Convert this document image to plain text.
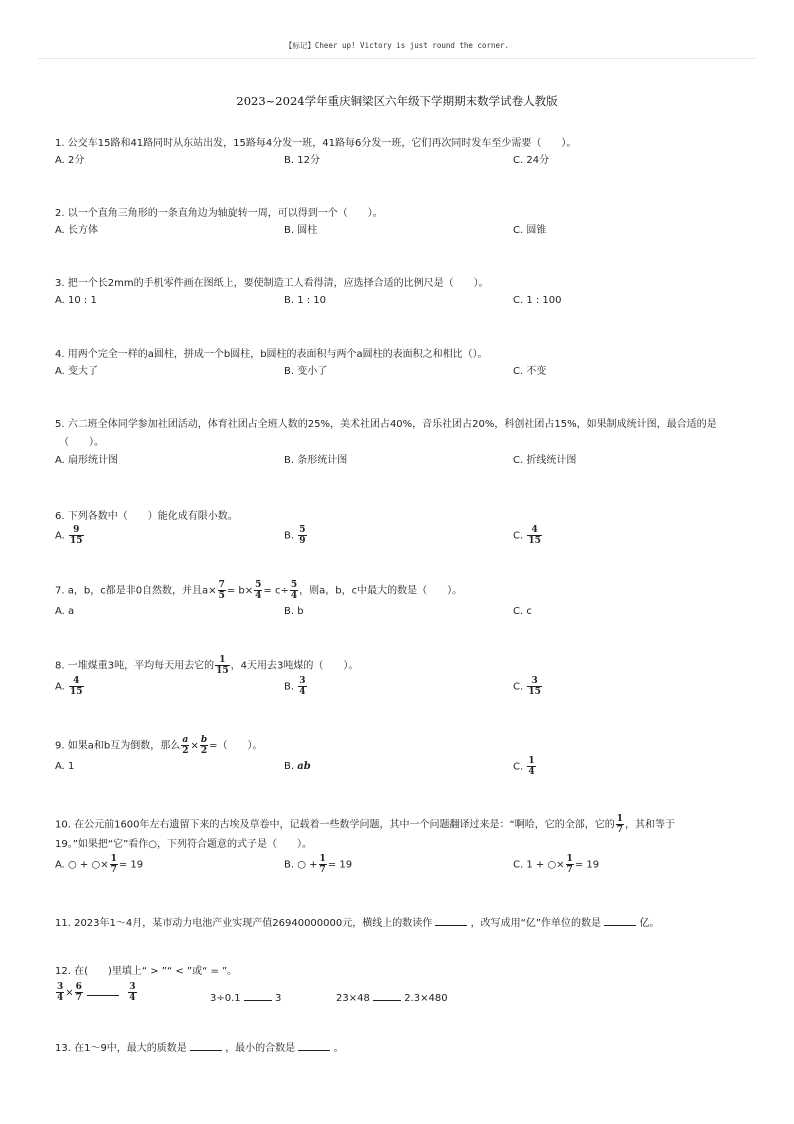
【标记】Cheer up! Victory is just round the corner.
2023~2024学年重庆铜梁区六年级下学期期末数学试卷人教版
1. 公交车15路和41路同时从东站出发，15路每4分发一班，41路每6分发一班，它们再次同时发车至少需要（　　）。
A. 2分	B. 12分	C. 24分
2. 以一个直角三角形的一条直角边为轴旋转一周，可以得到一个（　　）。
A. 长方体	B. 圆柱	C. 圆锥
3. 把一个长2mm的手机零件画在图纸上，要使制造工人看得清，应选择合适的比例尺是（　　）。
A. 10 : 1	B. 1 : 10	C. 1 : 100
4. 用两个完全一样的a圆柱，拼成一个b圆柱，b圆柱的表面积与两个a圆柱的表面积之和相比（）。
A. 变大了	B. 变小了	C. 不变
5. 六二班全体同学参加社团活动，体育社团占全班人数的25%，美术社团占40%，音乐社团占20%，科创社团占15%，如果制成统计图，最合适的是
（　　）。
A. 扇形统计图	B. 条形统计图	C. 折线统计图
6. 下列各数中（　　）能化成有限小数。
A. $\frac{9}{15}$	B. $\frac{5}{9}$	C. $\frac{4}{15}$
7. a，b，c都是非0自然数，并且$a\times \frac{7}{5} = b\times \frac{5}{4} = c\div \frac{5}{4}$ ，则a，b，c中最大的数是（　　）。
A. a	B. b	C. c
8. 一堆煤重3吨，平均每天用去它的 $\frac{1}{15}$ ，4天用去3吨煤的（　　）。
A. $\frac{4}{15}$	B. $\frac{3}{4}$	C. $\frac{3}{15}$
9. 如果a和b互为倒数，那么 $\frac{a}{2} \times \frac{b}{2}$ =（　　）。
A. 1	B. ab	C. $\frac{1}{4}$
10. 在公元前1600年左右遗留下来的古埃及草卷中，记载着一些数学问题，其中一个问题翻译过来是：“啊哈，它的全部，它的 $\frac{1}{7}$ ，其和等于
19。”如果把“它”看作○，下列符合题意的式子是（　　）。
A. ○ + ○× $\frac{1}{7} = 19$	B. ○ + $\frac{1}{7} = 19$	C. 1 + ○× $\frac{1}{7} = 19$
11. 2023年1～4月，某市动力电池产业实现产值26940000000元，横线上的数读作	，改写成用“亿”作单位的数是	亿。
12. 在(　　)里填上“ > ”“ < ”或“ = ”。
$\frac{3}{4} \times \frac{6}{7}$
	$\frac{3}{4}$	3÷0.1	3	23×48	2.3×480
13. 在1～9中，最大的质数是	，最小的合数是	。
